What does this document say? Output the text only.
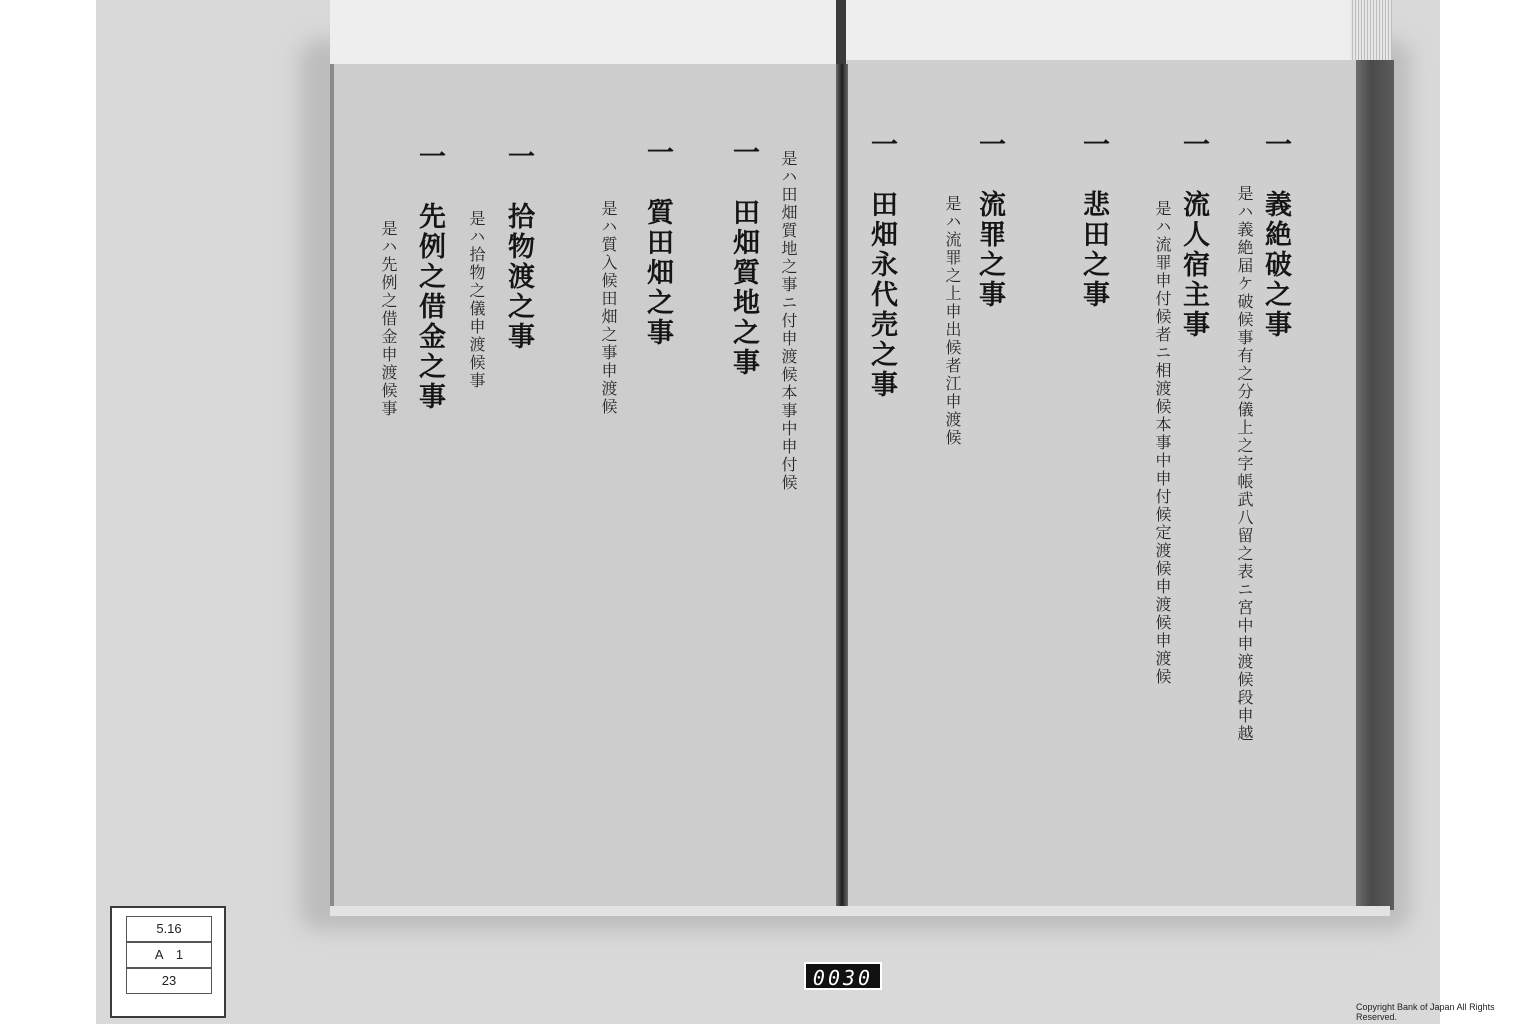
一　義絶破之事
是ハ義絶届ケ破候事有之分儀上之字帳武八留之表ニ宮中申渡候段申越
一　流人宿主事
是ハ流罪申付候者ニ相渡候本事中申付候定渡候申渡候申渡候
一　悲田之事
一　流罪之事
是ハ流罪之上申出候者江申渡候
一　田畑永代売之事
一　田畑質地之事 是ハ田畑質地之事ニ付申渡候本事中申付候
一　質田畑之事
是ハ質入候田畑之事申渡候
一　拾物渡之事
是ハ拾物之儀申渡候事
一　先例之借金之事
是ハ先例之借金申渡候事
5.16
A　1
23	0030
Copyright Bank of Japan All Rights Reserved.
